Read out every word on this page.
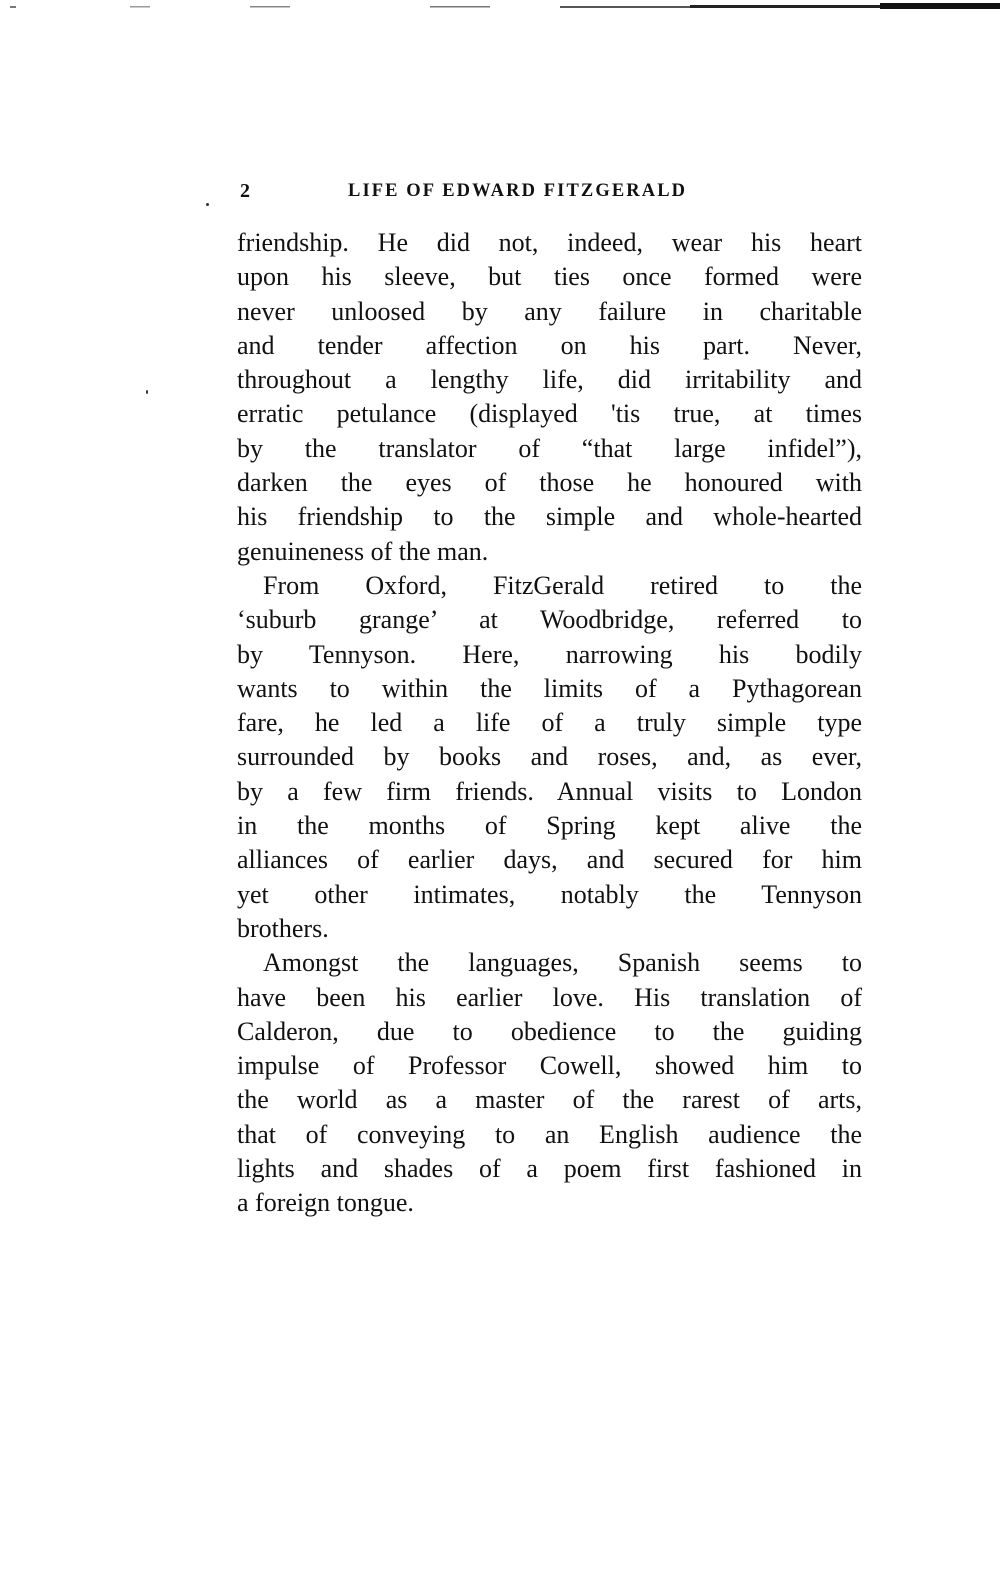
2	LIFE OF EDWARD FITZGERALD
friendship. He did not, indeed, wear his heart
upon his sleeve, but ties once formed were
never unloosed by any failure in charitable
and tender affection on his part. Never,
throughout a lengthy life, did irritability and
erratic petulance (displayed 'tis true, at times
by the translator of “that large infidel”),
darken the eyes of those he honoured with
his friendship to the simple and whole-hearted
genuineness of the man.
From Oxford, FitzGerald retired to the
‘suburb grange’ at Woodbridge, referred to
by Tennyson. Here, narrowing his bodily
wants to within the limits of a Pythagorean
fare, he led a life of a truly simple type
surrounded by books and roses, and, as ever,
by a few firm friends. Annual visits to London
in the months of Spring kept alive the
alliances of earlier days, and secured for him
yet other intimates, notably the Tennyson
brothers.
Amongst the languages, Spanish seems to
have been his earlier love. His translation of
Calderon, due to obedience to the guiding
impulse of Professor Cowell, showed him to
the world as a master of the rarest of arts,
that of conveying to an English audience the
lights and shades of a poem first fashioned in
a foreign tongue.
